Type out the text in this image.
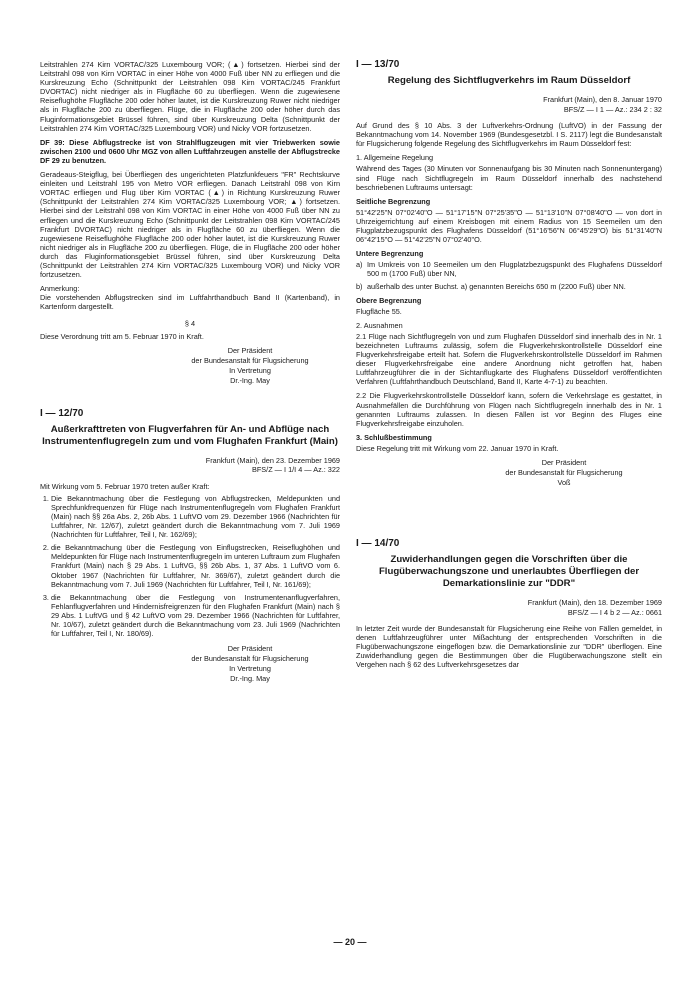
Leitstrahlen 274 Kirn VORTAC/325 Luxembourg VOR; (▲) fortsetzen. Hierbei sind der Leitstrahl 098 von Kirn VORTAC in einer Höhe von 4000 Fuß über NN zu erfliegen und die Kurskreuzung Echo (Schnittpunkt der Leitstrahlen 098 Kirn VORTAC/245 Frankfurt DVORTAC) nicht niedriger als in Flugfläche 60 zu überfliegen. Wenn die zugewiesene Reiseflughöhe Flugfläche 200 oder höher lautet, ist die Kurskreuzung Ruwer nicht niedriger als in Flugfläche 200 zu überfliegen. Flüge, die in Flugfläche 200 oder höher durch das Fluginformationsgebiet Brüssel führen, sind über Kurskreuzung Delta (Schnittpunkt der Leitstrahlen 274 Kirn VORTAC/325 Luxembourg VOR) und Nicky VOR fortzusetzen.

DF 39: Diese Abflugstrecke ist von Strahlflugzeugen mit vier Triebwerken sowie zwischen 2100 und 0600 Uhr MGZ von allen Luftfahrzeugen anstelle der Abflugstrecke DF 29 zu benutzen.

Geradeaus-Steigflug, bei Überfliegen des ungerichteten Platzfunkfeuers "FR" Rechtskurve einleiten und Leitstrahl 195 von Metro VOR erfliegen. Danach Leitstrahl 098 von Kirn VORTAC erfliegen und Flug über Kirn VORTAC (▲) in Richtung Kurskreuzung Ruwer (Schnittpunkt der Leitstrahlen 274 Kirn VORTAC/325 Luxembourg VOR; ▲) fortsetzen. Hierbei sind der Leitstrahl 098 von Kirn VORTAC in einer Höhe von 4000 Fuß über NN zu erfliegen und die Kurskreuzung Echo (Schnittpunkt der Leitstrahlen 098 Kirn VORTAC/245 Frankfurt DVORTAC) nicht niedriger als in Flugfläche 60 zu überfliegen. Wenn die zugewiesene Reiseflughöhe Flugfläche 200 oder höher lautet, ist die Kurskreuzung Ruwer nicht niedriger als in Flugfläche 200 zu überfliegen. Flüge, die in Flugfläche 200 oder höher durch das Fluginformationsgebiet Brüssel führen, sind über Kurskreuzung Delta (Schnittpunkt der Leitstrahlen 274 Kirn VORTAC/325 Luxembourg VOR) und Nicky VOR fortzusetzen.

Anmerkung:

Die vorstehenden Abflugstrecken sind im Luftfahrthandbuch Band II (Kartenband), in Kartenform dargestellt.

§ 4

Diese Verordnung tritt am 5. Februar 1970 in Kraft.

Der Präsident
der Bundesanstalt für Flugsicherung
In Vertretung
Dr.-Ing. May
I — 12/70
Außerkrafttreten von Flugverfahren für An- und Abflüge nach Instrumentenflugregeln zum und vom Flughafen Frankfurt (Main)
Frankfurt (Main), den 23. Dezember 1969
BFS/Z — I 1/I 4 — Az.: 322

Mit Wirkung vom 5. Februar 1970 treten außer Kraft:

1. Die Bekanntmachung über die Festlegung von Abflugstrecken, Meldepunkten und Sprechfunkfrequenzen für Flüge nach Instrumentenflugregeln vom Flughafen Frankfurt (Main) nach §§ 26a Abs. 2, 26b Abs. 1 LuftVO vom 29. Dezember 1966 (Nachrichten für Luftfahrer, Nr. 12/67), zuletzt geändert durch die Bekanntmachung vom 7. Juli 1969 (Nachrichten für Luftfahrer, Teil I, Nr. 162/69);
2. die Bekanntmachung über die Festlegung von Einflugstrecken, Reiseflughöhen und Meldepunkten für Flüge nach Instrumentenflugregeln im unteren Luftraum zum Flughafen Frankfurt (Main) nach § 29 Abs. 1 LuftVG, §§ 26b Abs. 1, 37 Abs. 1 LuftVO vom 6. Oktober 1967 (Nachrichten für Luftfahrer, Nr. 369/67), zuletzt geändert durch die Bekanntmachung vom 7. Juli 1969 (Nachrichten für Luftfahrer, Teil I, Nr. 161/69);
3. die Bekanntmachung über die Festlegung von Instrumentenanflugverfahren, Fehlanflugverfahren und Hindernisfreigrenzen für den Flughafen Frankfurt (Main) nach § 29 Abs. 1 LuftVG und § 42 LuftVO vom 29. Dezember 1966 (Nachrichten für Luftfahrer, Nr. 10/67), zuletzt geändert durch die Bekanntmachung vom 23. Juli 1969 (Nachrichten für Luftfahrer, Teil I, Nr. 180/69).
Der Präsident
der Bundesanstalt für Flugsicherung
In Vertretung
Dr.-Ing. May
I — 13/70
Regelung des Sichtflugverkehrs im Raum Düsseldorf
Frankfurt (Main), den 8. Januar 1970
BFS/Z — I 1 — Az.: 234 2 : 32

Auf Grund des § 10 Abs. 3 der Luftverkehrs-Ordnung (LuftVO) in der Fassung der Bekanntmachung vom 14. November 1969 (Bundesgesetzbl. I S. 2117) legt die Bundesanstalt für Flugsicherung folgende Regelung des Sichtflugverkehrs im Raum Düsseldorf fest:

1. Allgemeine Regelung

Während des Tages (30 Minuten vor Sonnenaufgang bis 30 Minuten nach Sonnenuntergang) sind Flüge nach Sichtflugregeln im Raum Düsseldorf innerhalb des nachstehend beschriebenen Luftraums untersagt:

Seitliche Begrenzung

51°42'25"N 07°02'40"O — 51°17'15"N 07°25'35"O — 51°13'10"N 07°08'40"O — von dort in Uhrzeigerrichtung auf einem Kreisbogen mit einem Radius von 15 Seemeilen um den Flugplatzbezugspunkt des Flughafens Düsseldorf (51°16'56"N 06°45'29"O) bis 51°31'40"N 06°42'15"O — 51°42'25"N 07°02'40"O.

Untere Begrenzung
a) Im Umkreis von 10 Seemeilen um den Flugplatzbezugspunkt des Flughafens Düsseldorf 500 m (1700 Fuß) über NN,
b) außerhalb des unter Buchst. a) genannten Bereichs 650 m (2200 Fuß) über NN.
Obere Begrenzung

Flugfläche 55.

2. Ausnahmen

2.1 Flüge nach Sichtflugregeln von und zum Flughafen Düsseldorf sind innerhalb des in Nr. 1 bezeichneten Luftraums zulässig, sofern die Flugverkehrskontrollstelle Düsseldorf eine Flugverkehrsfreigabe erteilt hat. Sofern die Flugverkehrskontrollstelle Düsseldorf im Rahmen dieser Flugverkehrsfreigabe eine andere Anordnung nicht getroffen hat, haben Luftfahrzeugführer die in der Sichtanflugkarte des Flughafens Düsseldorf veröffentlichten Verfahren (Luftfahrthandbuch Deutschland, Band II, Karte 4-7-1) zu beachten.

2.2 Die Flugverkehrskontrollstelle Düsseldorf kann, sofern die Verkehrslage es gestattet, in Ausnahmefällen die Durchführung von Flügen nach Sichtflugregeln innerhalb des in Nr. 1 genannten Luftraums zulassen. In diesen Fällen ist vor Beginn des Fluges eine Flugverkehrsfreigabe einzuholen.

3. Schlußbestimmung

Diese Regelung tritt mit Wirkung vom 22. Januar 1970 in Kraft.

Der Präsident
der Bundesanstalt für Flugsicherung
Voß
I — 14/70
Zuwiderhandlungen gegen die Vorschriften über die Flugüberwachungszone und unerlaubtes Überfliegen der Demarkationslinie zur "DDR"
Frankfurt (Main), den 18. Dezember 1969
BFS/Z — I 4 b 2 — Az.: 0661

In letzter Zeit wurde der Bundesanstalt für Flugsicherung eine Reihe von Fällen gemeldet, in denen Luftfahrzeugführer unter Mißachtung der entsprechenden Vorschriften in die Flugüberwachungszone eingeflogen bzw. die Demarkationslinie zur "DDR" überflogen. Eine Zuwiderhandlung gegen die Bestimmungen über die Flugüberwachungszone stellt ein Vergehen nach § 62 des Luftverkehrsgesetzes dar

— 20 —
